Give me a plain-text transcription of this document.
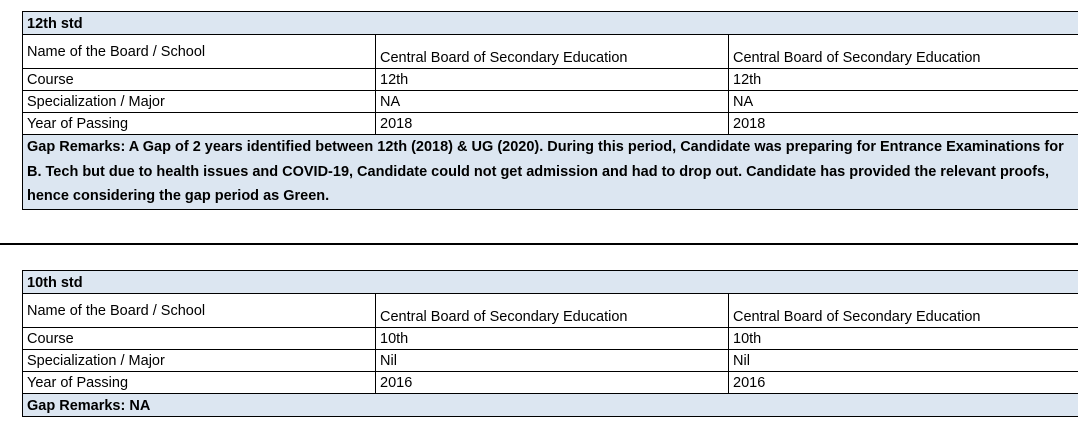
12th std		
Name of the Board / School	Central Board of Secondary Education	Central Board of Secondary Education
Course	12th	12th
Specialization / Major	NA	NA
Year of Passing	2018	2018
Gap Remarks: A Gap of 2 years identified between 12th (2018) & UG (2020). During this period, Candidate was preparing for Entrance Examinations for B. Tech but due to health issues and COVID-19, Candidate could not get admission and had to drop out. Candidate has provided the relevant proofs, hence considering the gap period as Green.		
10th std		
Name of the Board / School	Central Board of Secondary Education	Central Board of Secondary Education
Course	10th	10th
Specialization / Major	Nil	Nil
Year of Passing	2016	2016
Gap Remarks: NA		
